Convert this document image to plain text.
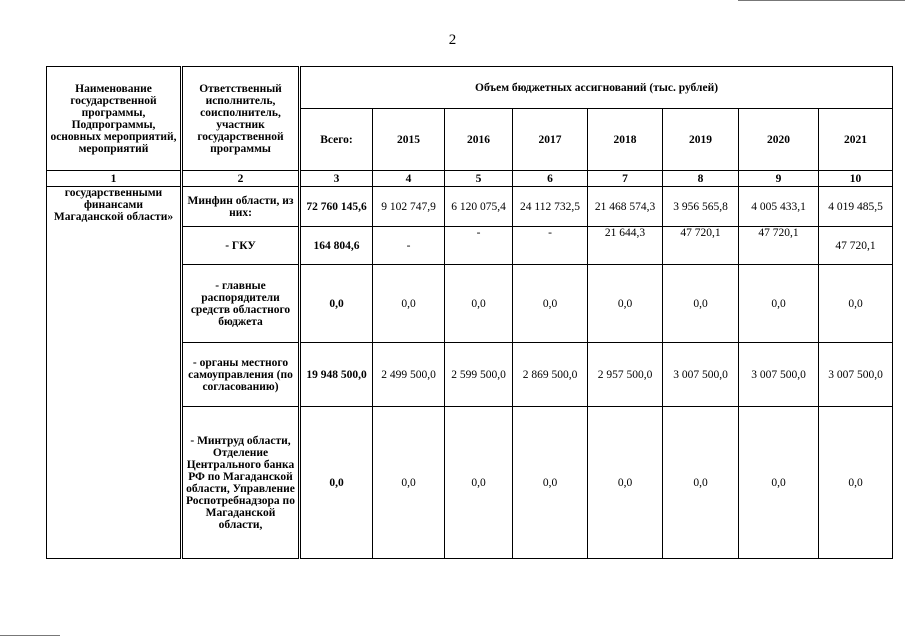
2
Наименование государственной программы, Подпрограммы, основных мероприятий, мероприятий	Ответственный исполнитель, соисполнитель, участник государственной программы	Объем бюджетных ассигнований (тыс. рублей)							
		Всего:	2015	2016	2017	2018	2019	2020	2021
1	2	3	4	5	6	7	8	9	10
государственными финансами Магаданской области»	Минфин области, из них:	72 760 145,6	9 102 747,9	6 120 075,4	24 112 732,5	21 468 574,3	3 956 565,8	4 005 433,1	4 019 485,5
	- ГКУ	164 804,6	-	-	-	21 644,3	47 720,1	47 720,1	47 720,1
	- главные распорядители средств областного бюджета	0,0	0,0	0,0	0,0	0,0	0,0	0,0	0,0
	- органы местного самоуправления (по согласованию)	19 948 500,0	2 499 500,0	2 599 500,0	2 869 500,0	2 957 500,0	3 007 500,0	3 007 500,0	3 007 500,0
	- Минтруд области, Отделение Центрального банка РФ по Магаданской области, Управление Роспотребнадзора по Магаданской области,	0,0	0,0	0,0	0,0	0,0	0,0	0,0	0,0
